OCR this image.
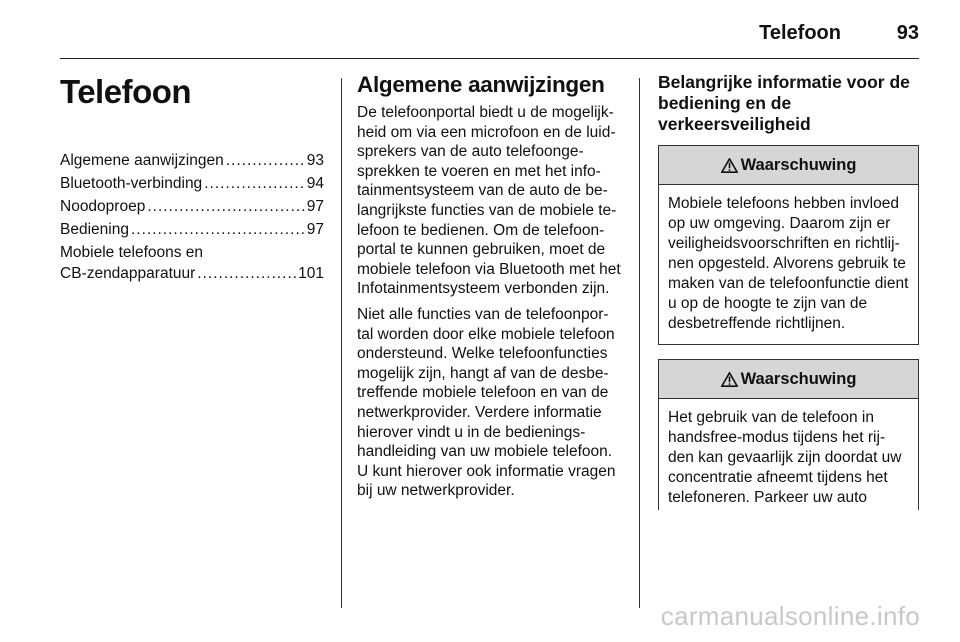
Telefoon	93
Telefoon
Algemene aanwijzingen .....	93
Bluetooth-verbinding .....	94
Noodoproep .....	97
Bediening .....	97
Mobiele telefoons en
CB-zendapparatuur .....	101
Algemene aanwijzingen

De telefoonportal biedt u de mogelijk- heid om via een microfoon en de luid- sprekers van de auto telefoonge- sprekken te voeren en met het info- tainmentsysteem van de auto de be- langrijkste functies van de mobiele te- lefoon te bedienen. Om de telefoon- portal te kunnen gebruiken, moet de mobiele telefoon via Bluetooth met het Infotainmentsysteem verbonden zijn.

Niet alle functies van de telefoonpor- tal worden door elke mobiele telefoon ondersteund. Welke telefoonfuncties mogelijk zijn, hangt af van de desbe- treffende mobiele telefoon en van de netwerkprovider. Verdere informatie hierover vindt u in de bedienings- handleiding van uw mobiele telefoon. U kunt hierover ook informatie vragen bij uw netwerkprovider.

Belangrijke informatie voor de bediening en de verkeersveiligheid
Waarschuwing
Mobiele telefoons hebben invloed op uw omgeving. Daarom zijn er veiligheidsvoorschriften en richtlij- nen opgesteld. Alvorens gebruik te maken van de telefoonfunctie dient u op de hoogte te zijn van de desbetreffende richtlijnen.
Waarschuwing
Het gebruik van de telefoon in handsfree-modus tijdens het rij- den kan gevaarlijk zijn doordat uw concentratie afneemt tijdens het telefoneren. Parkeer uw auto
carmanualsonline.info
